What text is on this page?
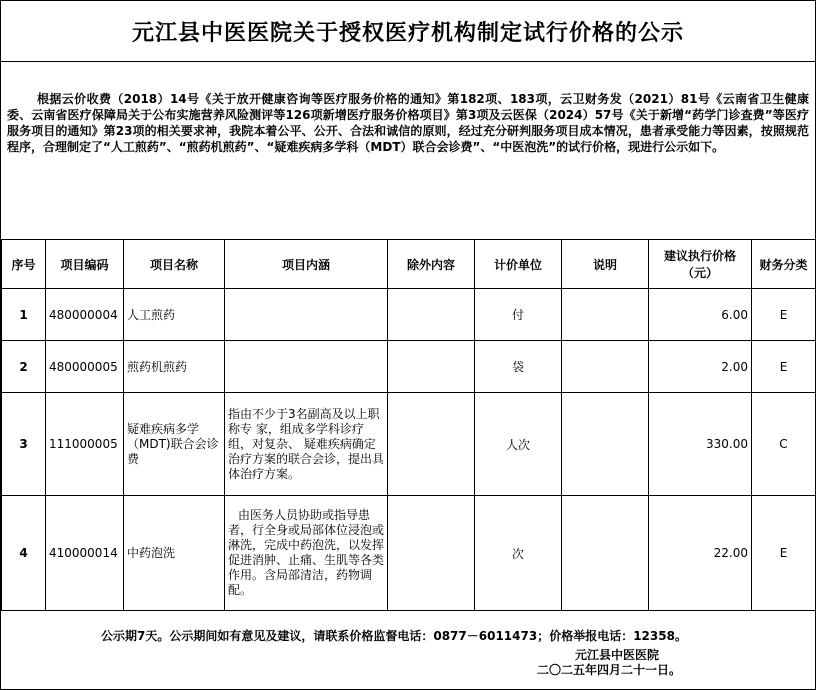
元江县中医医院关于授权医疗机构制定试行价格的公示
根据云价收费（2018）14号《关于放开健康咨询等医疗服务价格的通知》第182项、183项，云卫财务发（2021）81号《云南省卫生健康委、云南省医疗保障局关于公布实施营养风险测评等126项新增医疗服务价格项目》第3项及云医保（2024）57号《关于新增“药学门诊查费”等医疗服务项目的通知》第23项的相关要求神，我院本着公平、公开、合法和诚信的原则，经过充分研判服务项目成本情况，患者承受能力等因素，按照规范程序，合理制定了“人工煎药”、“煎药机煎药”、“疑难疾病多学科（MDT）联合会诊费”、“中医泡洗”的试行价格，现进行公示如下。
序号	项目编码	项目名称	项目内涵	除外内容	计价单位	说明	建议执行价格（元）	财务分类
1	480000004	人工煎药			付		6.00	E
2	480000005	煎药机煎药			袋		2.00	E
3	111000005	疑难疾病多学（MDT)联合会诊费	指由不少于3名副高及以上职称专 家，组成多学科诊疗组，对复杂、 疑难疾病确定治疗方案的联合会诊，提出具体治疗方案。		人次		330.00	C
4	410000014	中药泡洗	由医务人员协助或指导患者，行全身或局部体位浸泡或淋洗，完成中药泡洗，以发挥促进消肿、止痛、生肌等各类作用。含局部清洁，药物调配。		次		22.00	E
公示期7天。公示期间如有意见及建议，请联系价格监督电话：0877－6011473；价格举报电话：12358。
元江县中医医院
二〇二五年四月二十一日。
